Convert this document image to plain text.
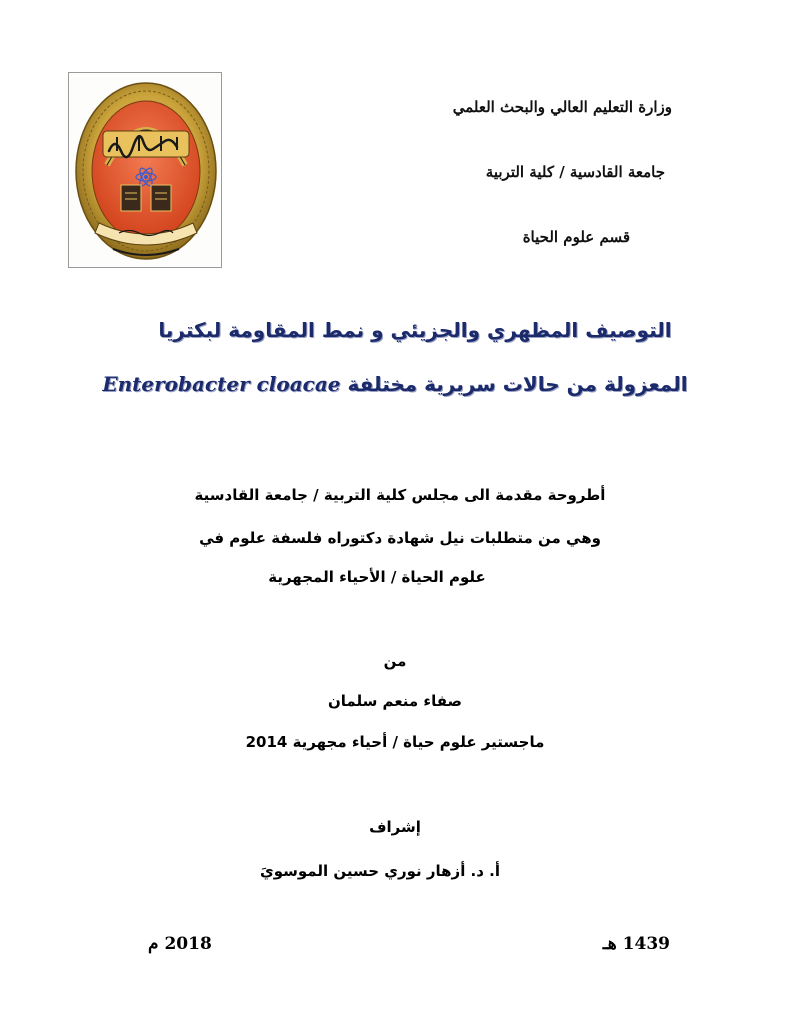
وزارة التعليم العالي والبحث العلمي
جامعة القادسية / كلية التربية
قسم علوم الحياة
التوصيف المظهري والجزيئي و نمط المقاومة لبكتريا
المعزولة من حالات سريرية مختلفة Enterobacter cloacae
أطروحة مقدمة الى مجلس كلية التربية / جامعة القادسية
وهي من متطلبات نيل شهادة دكتوراه فلسفة علوم في
علوم الحياة / الأحياء المجهرية
من
صفاء منعم سلمان
ماجستير علوم حياة / أحياء مجهرية 2014
إشراف
أ. د. أزهار نوري حسين الموسويَ
1439 هـ
2018 م
